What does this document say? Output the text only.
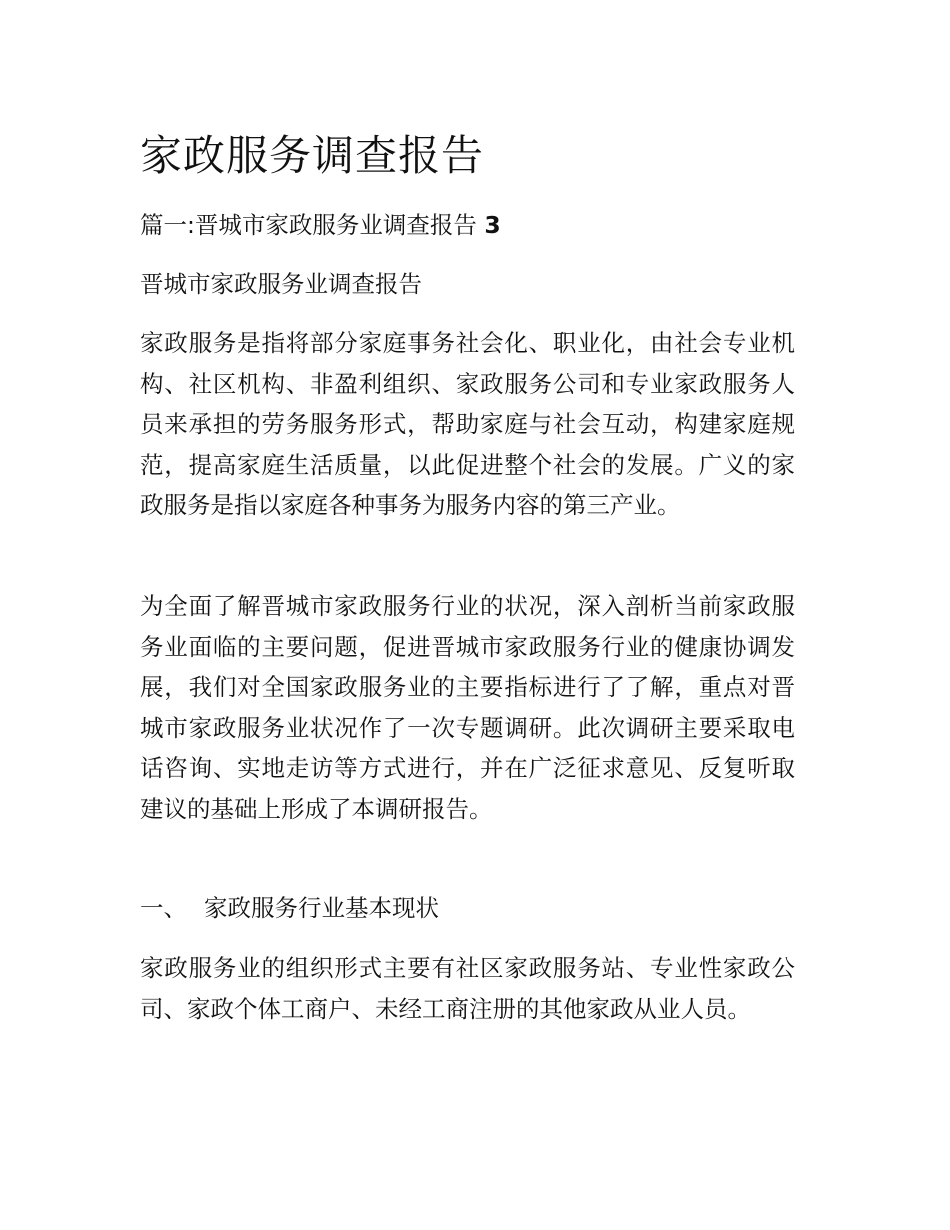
家政服务调查报告

篇一:晋城市家政服务业调查报告 3

晋城市家政服务业调查报告

家政服务是指将部分家庭事务社会化、职业化，由社会专业机构、社区机构、非盈利组织、家政服务公司和专业家政服务人员来承担的劳务服务形式，帮助家庭与社会互动，构建家庭规范，提高家庭生活质量，以此促进整个社会的发展。广义的家政服务是指以家庭各种事务为服务内容的第三产业。

为全面了解晋城市家政服务行业的状况，深入剖析当前家政服务业面临的主要问题，促进晋城市家政服务行业的健康协调发展，我们对全国家政服务业的主要指标进行了了解，重点对晋城市家政服务业状况作了一次专题调研。此次调研主要采取电话咨询、实地走访等方式进行，并在广泛征求意见、反复听取建议的基础上形成了本调研报告。

一、 家政服务行业基本现状

家政服务业的组织形式主要有社区家政服务站、专业性家政公司、家政个体工商户、未经工商注册的其他家政从业人员。
